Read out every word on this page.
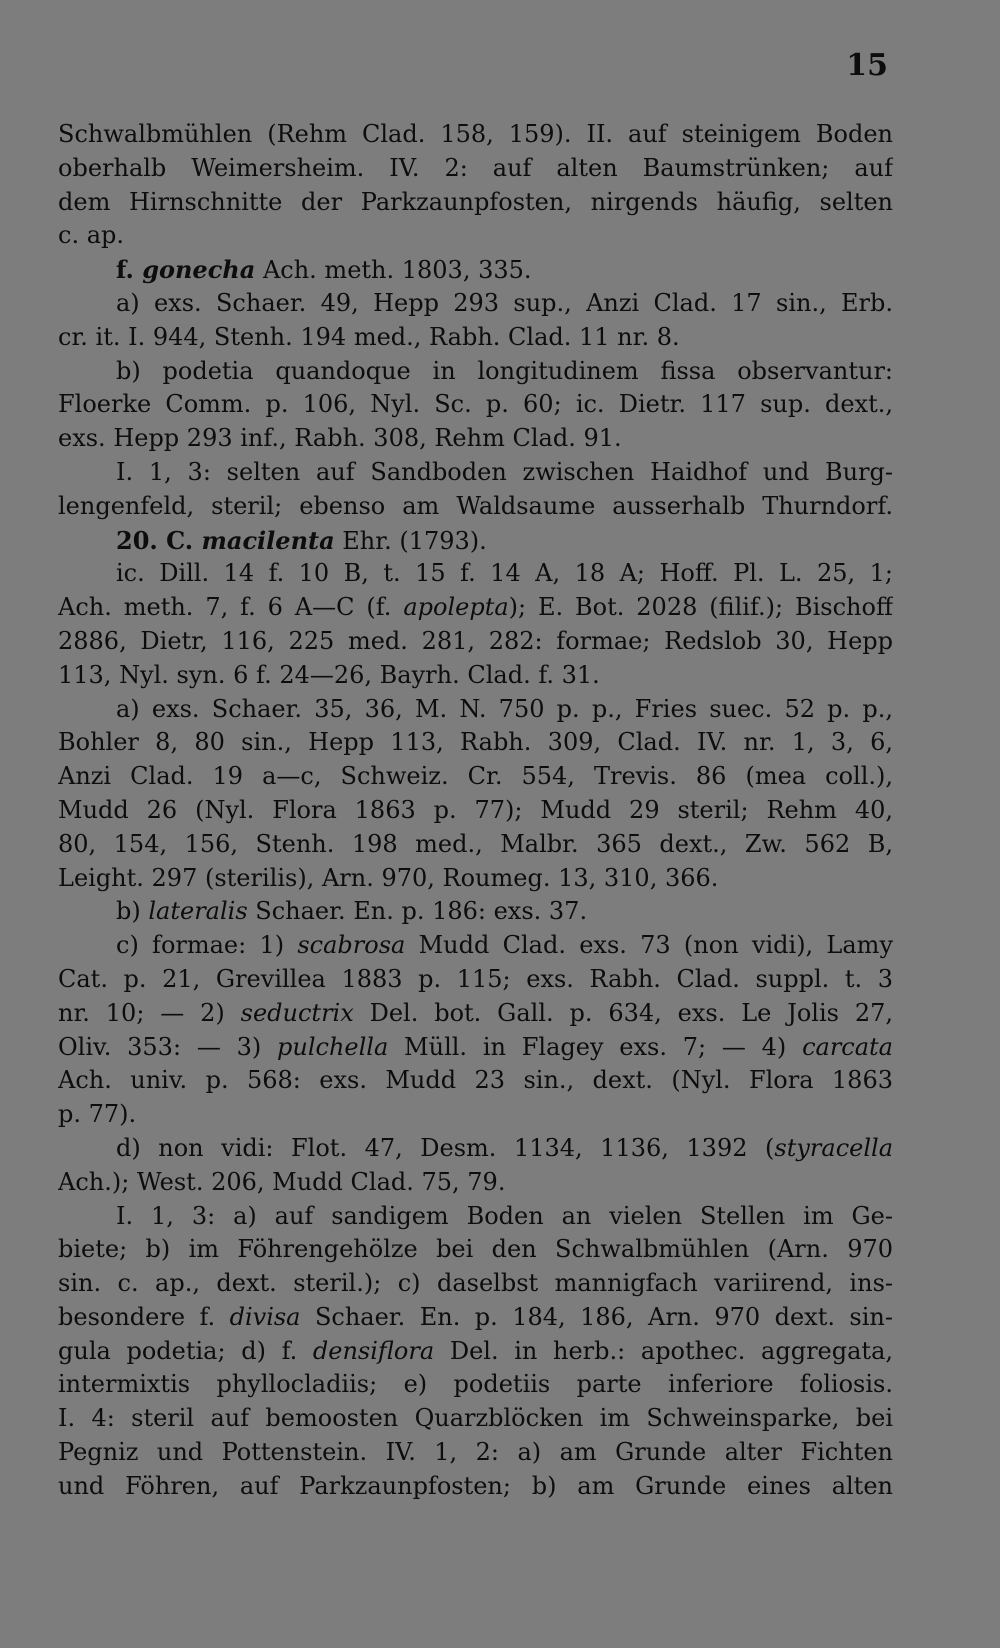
15
Schwalbmühlen (Rehm Clad. 158, 159). II. auf steinigem Boden
oberhalb Weimersheim. IV. 2: auf alten Baumstrünken; auf
dem Hirnschnitte der Parkzaunpfosten, nirgends häufig, selten
c. ap.
f. gonecha Ach. meth. 1803, 335.
a) exs. Schaer. 49, Hepp 293 sup., Anzi Clad. 17 sin., Erb.
cr. it. I. 944, Stenh. 194 med., Rabh. Clad. 11 nr. 8.
b) podetia quandoque in longitudinem fissa observantur:
Floerke Comm. p. 106, Nyl. Sc. p. 60; ic. Dietr. 117 sup. dext.,
exs. Hepp 293 inf., Rabh. 308, Rehm Clad. 91.
I. 1, 3: selten auf Sandboden zwischen Haidhof und Burg-
lengenfeld, steril; ebenso am Waldsaume ausserhalb Thurndorf.
20. C. macilenta Ehr. (1793).
ic. Dill. 14 f. 10 B, t. 15 f. 14 A, 18 A; Hoff. Pl. L. 25, 1;
Ach. meth. 7, f. 6 A—C (f. apolepta); E. Bot. 2028 (filif.); Bischoff
2886, Dietr, 116, 225 med. 281, 282: formae; Redslob 30, Hepp
113, Nyl. syn. 6 f. 24—26, Bayrh. Clad. f. 31.
a) exs. Schaer. 35, 36, M. N. 750 p. p., Fries suec. 52 p. p.,
Bohler 8, 80 sin., Hepp 113, Rabh. 309, Clad. IV. nr. 1, 3, 6,
Anzi Clad. 19 a—c, Schweiz. Cr. 554, Trevis. 86 (mea coll.),
Mudd 26 (Nyl. Flora 1863 p. 77); Mudd 29 steril; Rehm 40,
80, 154, 156, Stenh. 198 med., Malbr. 365 dext., Zw. 562 B,
Leight. 297 (sterilis), Arn. 970, Roumeg. 13, 310, 366.
b) lateralis Schaer. En. p. 186: exs. 37.
c) formae: 1) scabrosa Mudd Clad. exs. 73 (non vidi), Lamy
Cat. p. 21, Grevillea 1883 p. 115; exs. Rabh. Clad. suppl. t. 3
nr. 10; — 2) seductrix Del. bot. Gall. p. 634, exs. Le Jolis 27,
Oliv. 353: — 3) pulchella Müll. in Flagey exs. 7; — 4) carcata
Ach. univ. p. 568: exs. Mudd 23 sin., dext. (Nyl. Flora 1863
p. 77).
d) non vidi: Flot. 47, Desm. 1134, 1136, 1392 (styracella
Ach.); West. 206, Mudd Clad. 75, 79.
I. 1, 3: a) auf sandigem Boden an vielen Stellen im Ge-
biete; b) im Föhrengehölze bei den Schwalbmühlen (Arn. 970
sin. c. ap., dext. steril.); c) daselbst mannigfach variirend, ins-
besondere f. divisa Schaer. En. p. 184, 186, Arn. 970 dext. sin-
gula podetia; d) f. densiflora Del. in herb.: apothec. aggregata,
intermixtis phyllocladiis; e) podetiis parte inferiore foliosis.
I. 4: steril auf bemoosten Quarzblöcken im Schweinsparke, bei
Pegniz und Pottenstein. IV. 1, 2: a) am Grunde alter Fichten
und Föhren, auf Parkzaunpfosten; b) am Grunde eines alten
